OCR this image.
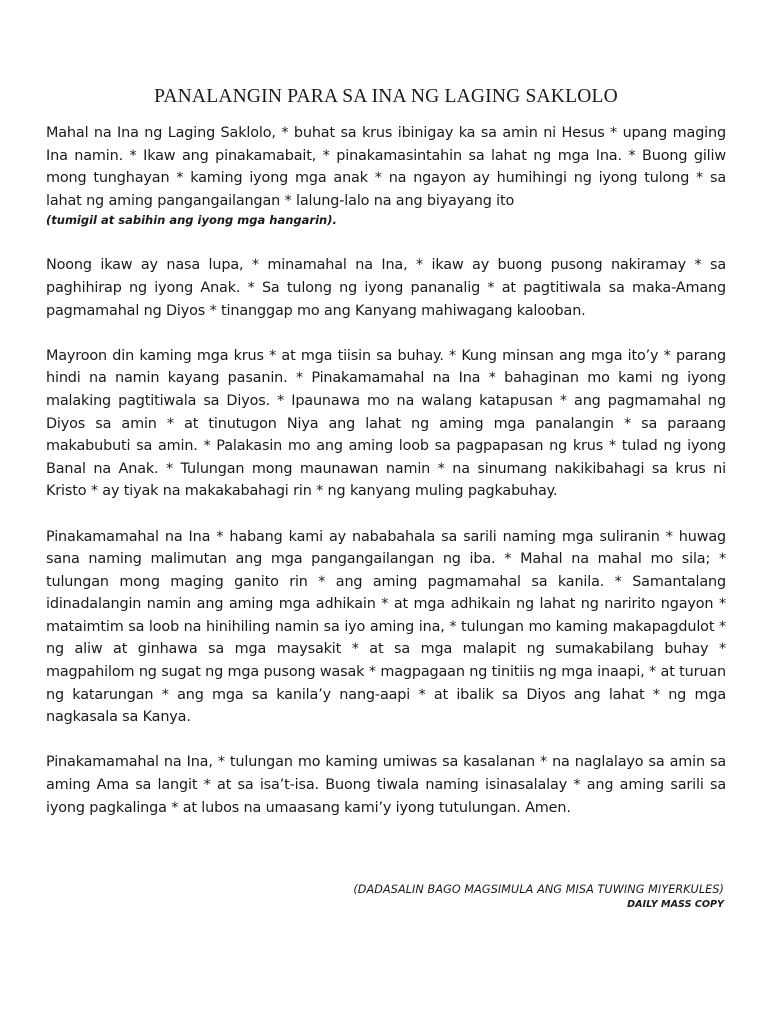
PANALANGIN PARA SA INA NG LAGING SAKLOLO

Mahal na Ina ng Laging Saklolo, * buhat sa krus ibinigay ka sa amin ni Hesus * upang maging Ina namin. * Ikaw ang pinakamabait, * pinakamasintahin sa lahat ng mga Ina. * Buong giliw mong tunghayan * kaming iyong mga anak * na ngayon ay humihingi ng iyong tulong * sa lahat ng aming pangangailangan * lalung-lalo na ang biyayang ito

(tumigil at sabihin ang iyong mga hangarin).

Noong ikaw ay nasa lupa, * minamahal na Ina, * ikaw ay buong pusong nakiramay * sa paghihirap ng iyong Anak. * Sa tulong ng iyong pananalig * at pagtitiwala sa maka-Amang pagmamahal ng Diyos * tinanggap mo ang Kanyang mahiwagang kalooban.

Mayroon din kaming mga krus * at mga tiisin sa buhay. * Kung minsan ang mga ito’y * parang hindi na namin kayang pasanin. * Pinakamamahal na Ina * bahaginan mo kami ng iyong malaking pagtitiwala sa Diyos. * Ipaunawa mo na walang katapusan * ang pagmamahal ng Diyos sa amin * at tinutugon Niya ang lahat ng aming mga panalangin * sa paraang makabubuti sa amin. * Palakasin mo ang aming loob sa pagpapasan ng krus * tulad ng iyong Banal na Anak. * Tulungan mong maunawan namin * na sinumang nakikibahagi sa krus ni Kristo * ay tiyak na makakabahagi rin * ng kanyang muling pagkabuhay.

Pinakamamahal na Ina * habang kami ay nababahala sa sarili naming mga suliranin * huwag sana naming malimutan ang mga pangangailangan ng iba. * Mahal na mahal mo sila; * tulungan mong maging ganito rin * ang aming pagmamahal sa kanila. * Samantalang idinadalangin namin ang aming mga adhikain * at mga adhikain ng lahat ng naririto ngayon * mataimtim sa loob na hinihiling namin sa iyo aming ina, * tulungan mo kaming makapagdulot * ng aliw at ginhawa sa mga maysakit * at sa mga malapit ng sumakabilang buhay * magpahilom ng sugat ng mga pusong wasak * magpagaan ng tinitiis ng mga inaapi, * at turuan ng katarungan * ang mga sa kanila’y nang-aapi * at ibalik sa Diyos ang lahat * ng mga nagkasala sa Kanya.

Pinakamamahal na Ina, * tulungan mo kaming umiwas sa kasalanan * na naglalayo sa amin sa aming Ama sa langit * at sa isa’t-isa. Buong tiwala naming isinasalalay * ang aming sarili sa iyong pagkalinga * at lubos na umaasang kami’y iyong tutulungan. Amen.

(DADASALIN BAGO MAGSIMULA ANG MISA TUWING MIYERKULES)
DAILY MASS COPY
